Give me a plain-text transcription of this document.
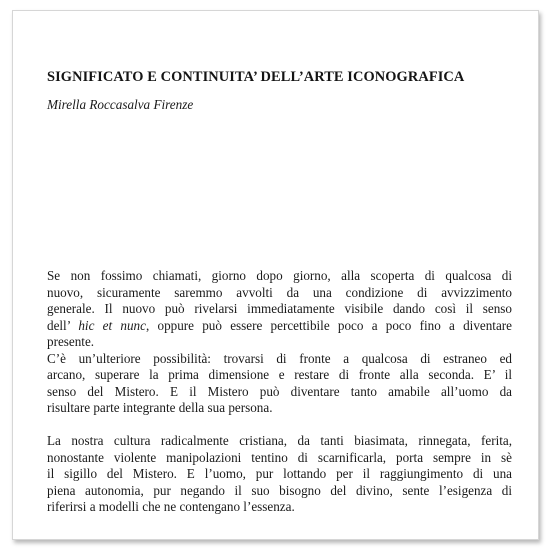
SIGNIFICATO E CONTINUITA’ DELL’ARTE ICONOGRAFICA

Mirella Roccasalva Firenze

Se non fossimo chiamati, giorno dopo giorno, alla scoperta di qualcosa di
nuovo, sicuramente saremmo avvolti da una condizione di avvizzimento
generale. Il nuovo può rivelarsi immediatamente visibile dando così il senso
dell’ hic et nunc, oppure può essere percettibile poco a poco fino a diventare
presente.

C’è un’ulteriore possibilità: trovarsi di fronte a qualcosa di estraneo ed
arcano, superare la prima dimensione e restare di fronte alla seconda. E’ il
senso del Mistero. E il Mistero può diventare tanto amabile all’uomo da
risultare parte integrante della sua persona.

La nostra cultura radicalmente cristiana, da tanti biasimata, rinnegata, ferita,
nonostante violente manipolazioni tentino di scarnificarla, porta sempre in sè
il sigillo del Mistero. E l’uomo, pur lottando per il raggiungimento di una
piena autonomia, pur negando il suo bisogno del divino, sente l’esigenza di
riferirsi a modelli che ne contengano l’essenza.
